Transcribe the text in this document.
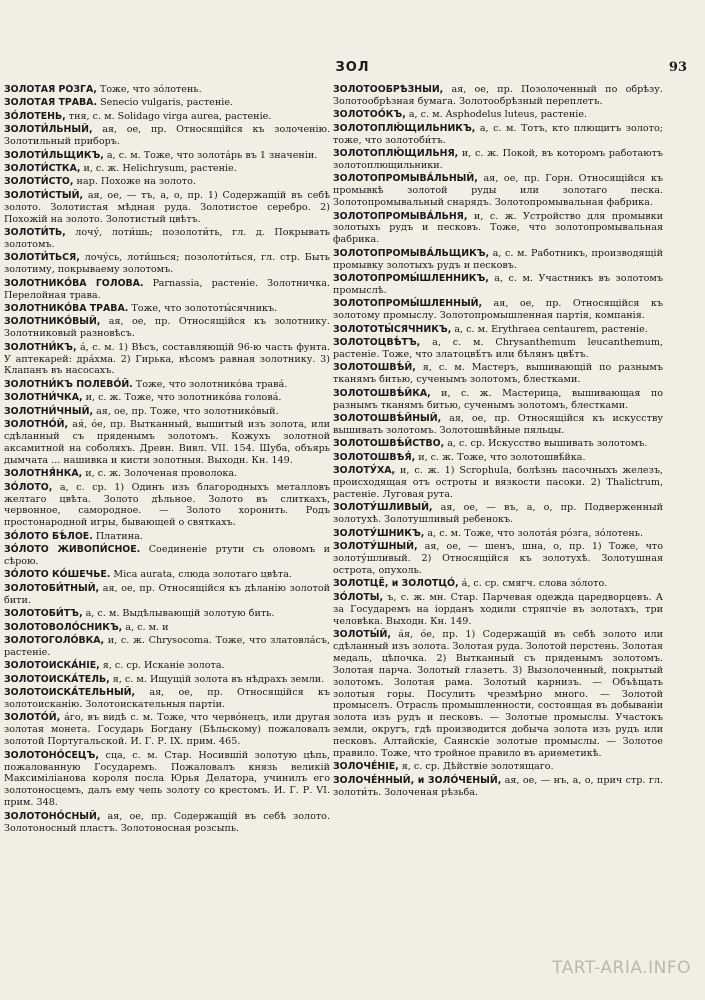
ЗОЛ	93
ЗОЛОТАЯ РО́ЗГА, Тоже, что зо́лотень.
ЗОЛОТАЯ ТРАВА. Senecio vulgaris, растеніе.
ЗО́ЛОТЕНЬ, тня, с. м. Solidago virga aurea, растеніе.
ЗОЛОТИ́ЛЬНЫЙ, ая, ое, пр. Относящійся къ золоченію. Золотильный приборъ.
ЗОЛОТИ́ЛЬЩИКЪ, а, с. м. Тоже, что золота́рь въ 1 значеніи.
ЗОЛОТИ́СТКА, и, с. ж. Helichrysum, растеніе.
ЗОЛОТИ́СТО, нар. Похоже на золото.
ЗОЛОТИ́СТЫЙ, ая, ое, — тъ, а, о, пр. 1) Содержащій въ себѣ золото. Золотистая мѣдная руда. Золотистое серебро. 2) Похожій на золото. Золотистый цвѣтъ.
ЗОЛОТИ́ТЬ, лочу́, лоти́шь; позолоти́ть, гл. д. Покрывать золотомъ.
ЗОЛОТИ́ТЬСЯ, лочу́сь, лоти́шься; позолоти́ться, гл. стр. Быть золотиму, покрываему золотомъ.
ЗОЛОТНИКО́ВА ГОЛОВА. Parnassia, растеніе. Золотничка. Перелойная трава.
ЗОЛОТНИКО́ВА ТРАВА. Тоже, что золототы́сячникъ.
ЗОЛОТНИКО́ВЫЙ, ая, ое, пр. Относящійся къ золотнику. Золотниковый разновѣсъ.
ЗОЛОТНИ́КЪ, а́, с. м. 1) Вѣсъ, составляющій 96-ю часть фунта. У аптекарей: дра́хма. 2) Гирька, вѣсомъ равная золотнику. 3) Клапанъ въ насосахъ.
ЗОЛОТНИ́КЪ ПОЛЕВО́Й. Тоже, что золотнико́ва трава́.
ЗОЛОТНИ́ЧКА, и, с. ж. Тоже, что золотнико́ва голова́.
ЗОЛОТНИ́ЧНЫЙ, ая, ое, пр. Тоже, что золотнико́вый.
ЗОЛОТНО́Й, ая́, о́е, пр. Вытканный, вышитый изъ золота, или сдѣланный съ пряденымъ золотомъ. Кожухъ золотной аксамитной на соболяхъ. Древн. Вивл. VII. 154. Шуба, объярь дымчата ... нашивка и кисти золотныя. Выходн. Кн. 149.
ЗОЛОТНЯ́НКА, и, с. ж. Золоченая проволока.
ЗО́ЛОТО, а, с. ср. 1) Одинъ изъ благородныхъ металловъ желтаго цвѣта. Золото дѣльное. Золото въ слиткахъ, червонное, самородное. — Золото хоронить. Родъ простонародной игры, бывающей о святкахъ.
ЗО́ЛОТО БѢ́ЛОЕ. Платина.
ЗО́ЛОТО ЖИВОПИ́СНОЕ. Соединеніе ртути съ оловомъ и сѣрою.
ЗО́ЛОТО КО́ШЕЧЬЕ. Mica aurata, слюда золотаго цвѣта.
ЗОЛОТОБИ́ТНЫЙ, ая, ое, пр. Относящійся къ дѣланію золотой бити.
ЗОЛОТОБИ́ТЪ, а, с. м. Выдѣлывающій золотую бить.
ЗОЛОТОВОЛО́СНИКЪ, а, с. м. и
ЗОЛОТОГОЛО́ВКА, и, с. ж. Chrysocoma. Тоже, что златовла́съ, растеніе.
ЗОЛОТОИСКА́НІЕ, я, с. ср. Исканіе золота.
ЗОЛОТОИСКА́ТЕЛЬ, я, с. м. Ищущій золота въ нѣдрахъ земли.
ЗОЛОТОИСКА́ТЕЛЬНЫЙ, ая, ое, пр. Относящійся къ золотоисканію. Золотоискательныя партіи.
ЗОЛОТО́Й, а́го, въ видѣ с. м. Тоже, что черво́нецъ, или другая золотая монета. Государь Богдану (Бѣльскому) пожаловалъ золотой Португальской. И. Г. Р. IX. прим. 465.
ЗОЛОТОНО́СЕЦЪ, сца, с. м. Стар. Носившій золотую цѣпь, пожалованную Государемъ. Пожаловалъ князь великій Максиміліанова короля посла Юрья Делатора, учинилъ его золотоносцемъ, далъ ему чепь золоту со крестомъ. И. Г. Р. VI. прим. 348.
ЗОЛОТОНО́СНЫЙ, ая, ое, пр. Содержащій въ себѣ золото. Золотоносный пластъ. Золотоносная розсыпь.
ЗОЛОТООБРѢ́ЗНЫЙ, ая, ое, пр. Позолоченный по обрѣзу. Золотообрѣзная бумага. Золотообрѣзный переплетъ.
ЗОЛОТОО́КЪ, а, с. м. Asphodelus luteus, растеніе.
ЗОЛОТОПЛЮ́ЩИЛЬНИКЪ, а, с. м. Тотъ, кто плющитъ золото; тоже, что золотоби́тъ.
ЗОЛОТОПЛЮ́ЩИЛЬНЯ, и, с. ж. Покой, въ которомъ работаютъ золотоплющильники.
ЗОЛОТОПРОМЫВА́ЛЬНЫЙ, ая, ое, пр. Горн. Относящійся къ промывкѣ золотой руды или золотаго песка. Золотопромывальный снарядъ. Золотопромывальная фабрика.
ЗОЛОТОПРОМЫВА́ЛЬНЯ, и, с. ж. Устройство для промывки золотыхъ рудъ и песковъ. Тоже, что золотопромывальная фабрика.
ЗОЛОТОПРОМЫВА́ЛЬЩИКЪ, а, с. м. Работникъ, производящій промывку золотыхъ рудъ и песковъ.
ЗОЛОТОПРОМЫ́ШЛЕННИКЪ, а, с. м. Участникъ въ золотомъ промыслѣ.
ЗОЛОТОПРОМЫ́ШЛЕННЫЙ, ая, ое, пр. Относящійся къ золотому промыслу. Золотопромышленная партія, компанія.
ЗОЛОТОТЫ́СЯЧНИКЪ, а, с. м. Erythraea centaurem, растеніе.
ЗОЛОТОЦВѢ́ТЪ, а, с. м. Chrysanthemum leucanthemum, растеніе. Тоже, что златоцвѣ́тъ или бѣлянъ цвѣ́тъ.
ЗОЛОТОШВѢ́Й, я, с. м. Мастеръ, вышивающій по разнымъ тканямъ битью, сученымъ золотомъ, блестками.
ЗОЛОТОШВѢ́ЙКА, и, с. ж. Мастерица, вышивающая по разнымъ тканямъ битью, сученымъ золотомъ, блестками.
ЗОЛОТОШВѢ́ЙНЫЙ, ая, ое, пр. Относящійся къ искусству вышивать золотомъ. Золотошвѣйные пяльцы.
ЗОЛОТОШВѢ́ЙСТВО, а, с. ср. Искусство вышивать золотомъ.
ЗОЛОТОШВѢЯ́, и, с. ж. Тоже, что золотошвѣ́йка.
ЗОЛОТУ́ХА, и, с. ж. 1) Scrophula, болѣзнь пасочныхъ железъ, происходящая отъ остроты и вязкости пасоки. 2) Thalictrum, растеніе. Луговая рута.
ЗОЛОТУ́ШЛИВЫЙ, ая, ое, — въ, а, о, пр. Подверженный золотухѣ. Золотушливый ребенокъ.
ЗОЛОТУ́ШНИКЪ, а, с. м. Тоже, что золота́я ро́зга, зо́лотень.
ЗОЛОТУ́ШНЫЙ, ая, ое, — шенъ, шна, о, пр. 1) Тоже, что золоту́шливый. 2) Относящійся къ золотухѣ. Золотушная острота, опухоль.
ЗОЛОТЦЁ, и ЗОЛОТЦО́, а́, с. ср. смягч. слова зо́лото.
ЗО́ЛОТЫ, ъ, с. ж. мн. Стар. Парчевая одежда царедворцевъ. А за Государемъ на іорданъ ходили стряпчіе въ золотахъ, три человѣка. Выходн. Кн. 149.
ЗОЛОТЫ́Й, а́я, о́е, пр. 1) Содержащій въ себѣ золото или сдѣланный изъ золота. Золотая руда. Золотой перстень. Золотая медаль, цѣпочка. 2) Вытканный съ пряденымъ золотомъ. Золотая парча. Золотый глазетъ. 3) Вызолоченный, покрытый золотомъ. Золотая рама. Золотый карнизъ. — Объѣщать золотыя горы. Посулить чрезмѣрно много. — Золотой промыселъ. Отрасль промышленности, состоящая въ добываніи золота изъ рудъ и песковъ. — Золотые промыслы. Участокъ земли, округъ, гдѣ производится добыча золота изъ рудъ или песковъ. Алтайскіе, Саянскіе золотые промыслы. — Золотое правило. Тоже, что тройное правило въ ариѳметикѣ.
ЗОЛОЧЕ́НІЕ, я, с. ср. Дѣйствіе золотящаго.
ЗОЛОЧЕ́ННЫЙ, и ЗОЛО́ЧЕНЫЙ, ая, ое, — нъ, а, о, прич стр. гл. золоти́ть. Золоченая рѣзьба.
TART-ARIA.INFO
